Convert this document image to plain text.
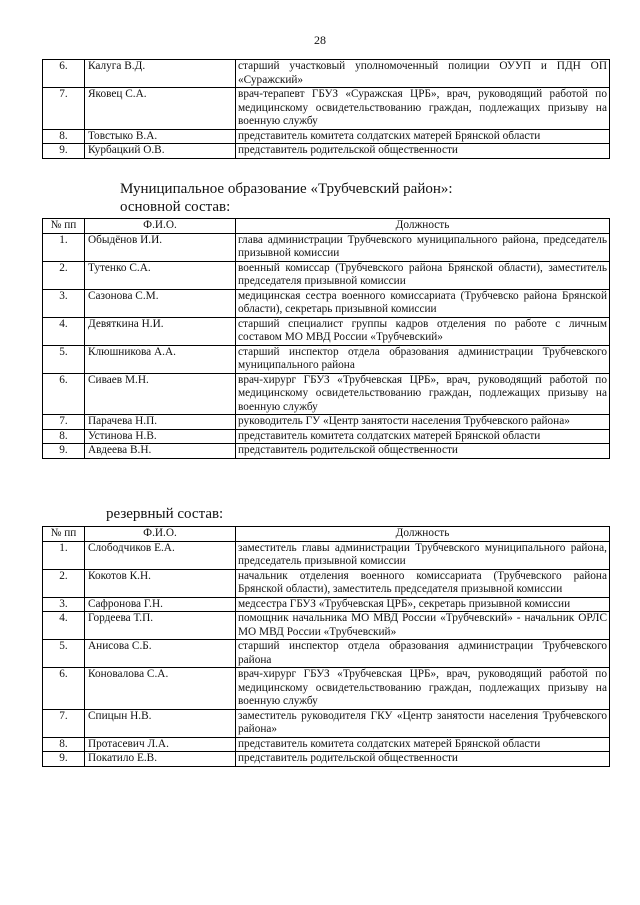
28
6.	Калуга В.Д.	старший участковый уполномоченный полиции ОУУП и ПДН ОП «Суражский»
7.	Яковец С.А.	врач-терапевт ГБУЗ «Суражская ЦРБ», врач, руководящий работой по медицинскому освидетельствованию граждан, подлежащих призыву на военную службу
8.	Товстыко В.А.	представитель комитета солдатских матерей Брянской области
9.	Курбацкий О.В.	представитель родительской общественности
Муниципальное образование «Трубчевский район»:
основной состав:
№ пп	Ф.И.О.	Должность
1.	Обыдёнов И.И.	глава администрации Трубчевского муниципального района, председатель призывной комиссии
2.	Тутенко С.А.	военный комиссар (Трубчевского района Брянской области), заместитель председателя призывной комиссии
3.	Сазонова С.М.	медицинская сестра военного комиссариата (Трубчевско района Брянской области), секретарь призывной комиссии
4.	Девяткина Н.И.	старший специалист группы кадров отделения по работе с личным составом МО МВД России «Трубчевский»
5.	Клюшникова А.А.	старший инспектор отдела образования администрации Трубчевского муниципального района
6.	Сиваев М.Н.	врач-хирург ГБУЗ «Трубчевская ЦРБ», врач, руководящий работой по медицинскому освидетельствованию граждан, подлежащих призыву на военную службу
7.	Парачева Н.П.	руководитель ГУ «Центр занятости населения Трубчевского района»
8.	Устинова Н.В.	представитель комитета солдатских матерей Брянской области
9.	Авдеева В.Н.	представитель родительской общественности
резервный состав:
№ пп	Ф.И.О.	Должность
1.	Слободчиков Е.А.	заместитель главы администрации Трубчевского муниципального района, председатель призывной комиссии
2.	Кокотов К.Н.	начальник отделения военного комиссариата (Трубчевского района Брянской области), заместитель председателя призывной комиссии
3.	Сафронова Г.Н.	медсестра ГБУЗ «Трубчевская ЦРБ», секретарь призывной комиссии
4.	Гордеева Т.П.	помощник начальника МО МВД России «Трубчевский» - начальник ОРЛС МО МВД России «Трубчевский»
5.	Анисова С.Б.	старший инспектор отдела образования администрации Трубчевского района
6.	Коновалова С.А.	врач-хирург ГБУЗ «Трубчевская ЦРБ», врач, руководящий работой по медицинскому освидетельствованию граждан, подлежащих призыву на военную службу
7.	Спицын Н.В.	заместитель руководителя ГКУ «Центр занятости населения Трубчевского района»
8.	Протасевич Л.А.	представитель комитета солдатских матерей Брянской области
9.	Покатило Е.В.	представитель родительской общественности
